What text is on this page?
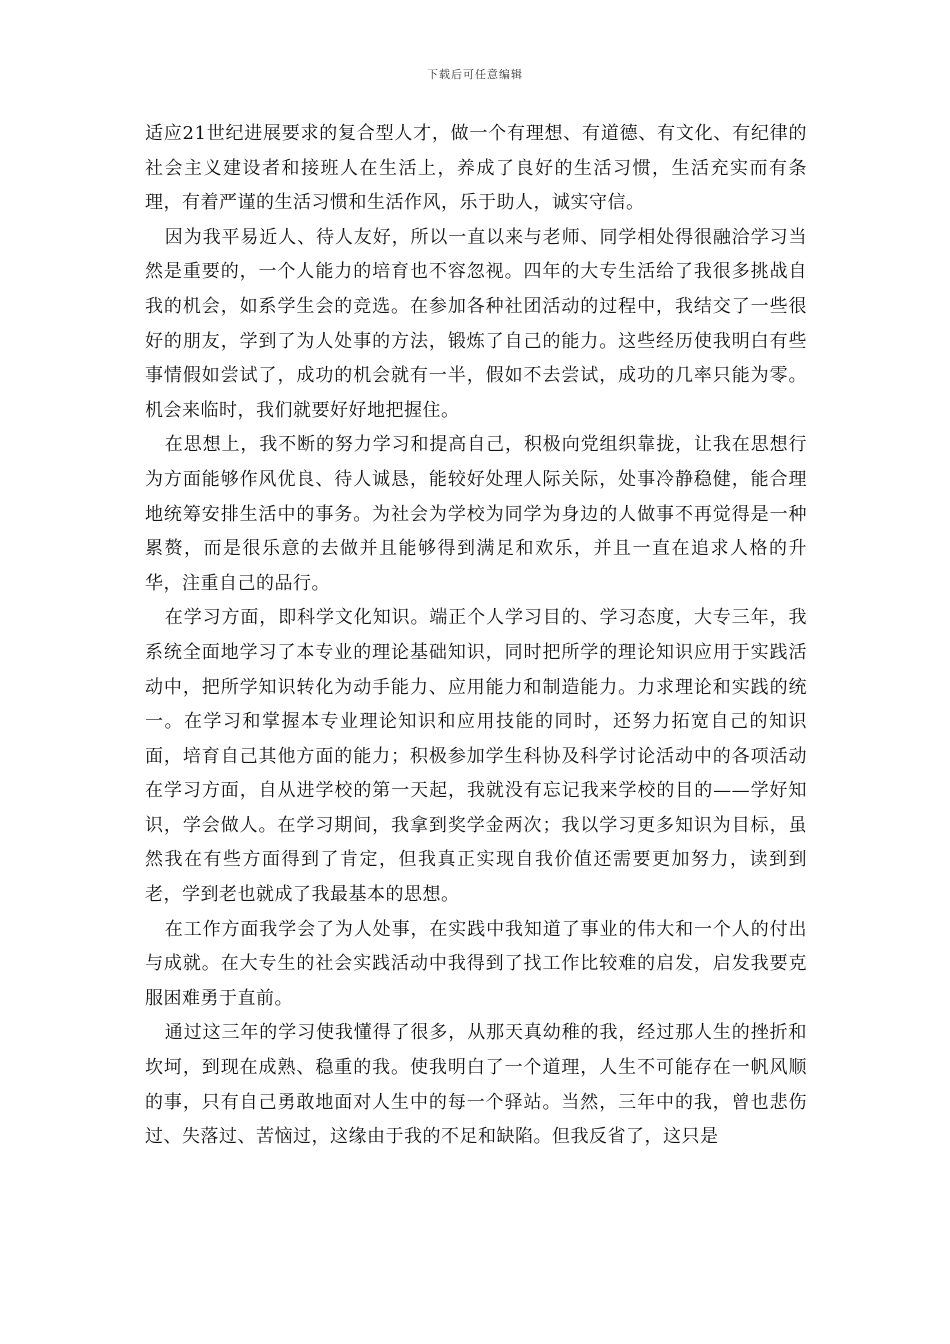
下载后可任意编辑

适应21世纪进展要求的复合型人才，做一个有理想、有道德、有文化、有纪律的社会主义建设者和接班人在生活上，养成了良好的生活习惯，生活充实而有条理，有着严谨的生活习惯和生活作风，乐于助人，诚实守信。

因为我平易近人、待人友好，所以一直以来与老师、同学相处得很融洽学习当然是重要的，一个人能力的培育也不容忽视。四年的大专生活给了我很多挑战自我的机会，如系学生会的竞选。在参加各种社团活动的过程中，我结交了一些很好的朋友，学到了为人处事的方法，锻炼了自己的能力。这些经历使我明白有些事情假如尝试了，成功的机会就有一半，假如不去尝试，成功的几率只能为零。机会来临时，我们就要好好地把握住。

在思想上，我不断的努力学习和提高自己，积极向党组织靠拢，让我在思想行为方面能够作风优良、待人诚恳，能较好处理人际关际，处事冷静稳健，能合理地统筹安排生活中的事务。为社会为学校为同学为身边的人做事不再觉得是一种累赘，而是很乐意的去做并且能够得到满足和欢乐，并且一直在追求人格的升华，注重自己的品行。

在学习方面，即科学文化知识。端正个人学习目的、学习态度，大专三年，我系统全面地学习了本专业的理论基础知识，同时把所学的理论知识应用于实践活动中，把所学知识转化为动手能力、应用能力和制造能力。力求理论和实践的统一。在学习和掌握本专业理论知识和应用技能的同时，还努力拓宽自己的知识面，培育自己其他方面的能力；积极参加学生科协及科学讨论活动中的各项活动在学习方面，自从进学校的第一天起，我就没有忘记我来学校的目的——学好知识，学会做人。在学习期间，我拿到奖学金两次；我以学习更多知识为目标，虽然我在有些方面得到了肯定，但我真正实现自我价值还需要更加努力，读到到老，学到老也就成了我最基本的思想。

在工作方面我学会了为人处事，在实践中我知道了事业的伟大和一个人的付出与成就。在大专生的社会实践活动中我得到了找工作比较难的启发，启发我要克服困难勇于直前。

通过这三年的学习使我懂得了很多，从那天真幼稚的我，经过那人生的挫折和坎坷，到现在成熟、稳重的我。使我明白了一个道理，人生不可能存在一帆风顺的事，只有自己勇敢地面对人生中的每一个驿站。当然，三年中的我，曾也悲伤过、失落过、苦恼过，这缘由于我的不足和缺陷。但我反省了，这只是
